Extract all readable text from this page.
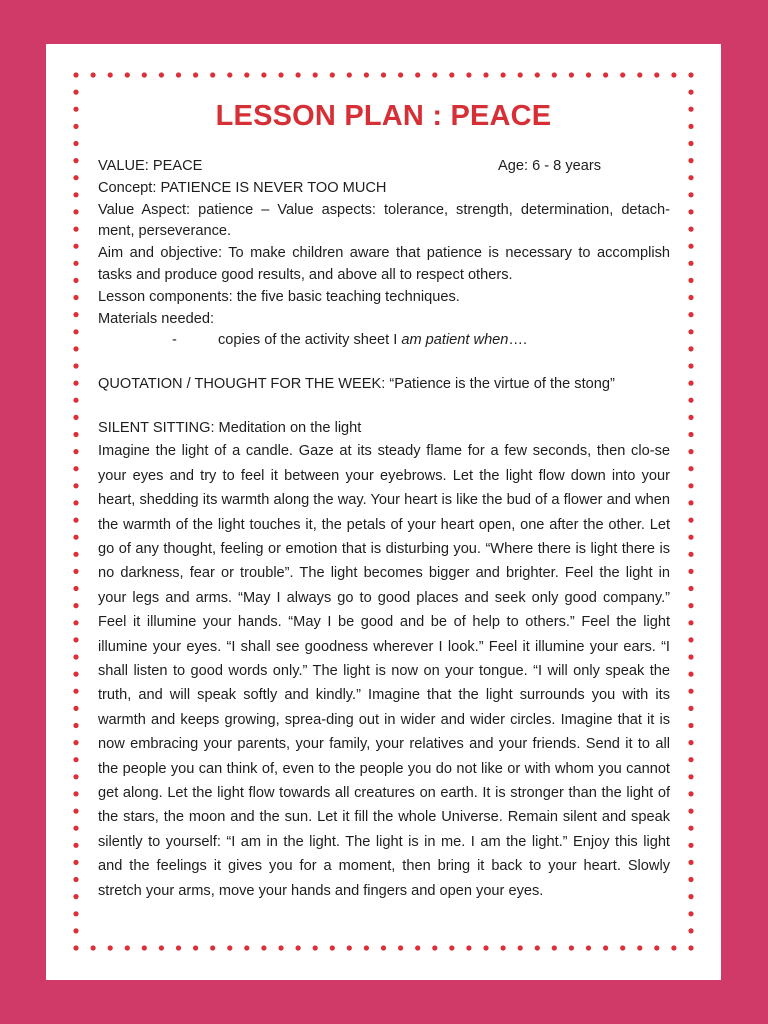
LESSON PLAN : PEACE
VALUE: PEACE	Age: 6 - 8 years
Concept: PATIENCE IS NEVER TOO MUCH
Value Aspect: patience – Value aspects: tolerance, strength, determination, detach-ment, perseverance.
Aim and objective: To make children aware that patience is necessary to accomplish tasks and produce good results, and above all to respect others.
Lesson components: the five basic teaching techniques.
Materials needed:
-	copies of the activity sheet I am patient when….
QUOTATION / THOUGHT FOR THE WEEK: “Patience is the virtue of the stong”
SILENT SITTING: Meditation on the light
Imagine the light of a candle. Gaze at its steady flame for a few seconds, then clo-se your eyes and try to feel it between your eyebrows. Let the light flow down into your heart, shedding its warmth along the way. Your heart is like the bud of a flower and when the warmth of the light touches it, the petals of your heart open, one after the other. Let go of any thought, feeling or emotion that is disturbing you. “Where there is light there is no darkness, fear or trouble”. The light becomes bigger and brighter. Feel the light in your legs and arms. “May I always go to good places and seek only good company.” Feel it illumine your hands. “May I be good and be of help to others.” Feel the light illumine your eyes. “I shall see goodness wherever I look.” Feel it illumine your ears. “I shall listen to good words only.” The light is now on your tongue. “I will only speak the truth, and will speak softly and kindly.” Imagine that the light surrounds you with its warmth and keeps growing, sprea-ding out in wider and wider circles. Imagine that it is now embracing your parents, your family, your relatives and your friends. Send it to all the people you can think of, even to the people you do not like or with whom you cannot get along. Let the light flow towards all creatures on earth. It is stronger than the light of the stars, the moon and the sun. Let it fill the whole Universe. Remain silent and speak silently to yourself: “I am in the light. The light is in me. I am the light.” Enjoy this light and the feelings it gives you for a moment, then bring it back to your heart. Slowly stretch your arms, move your hands and fingers and open your eyes.
